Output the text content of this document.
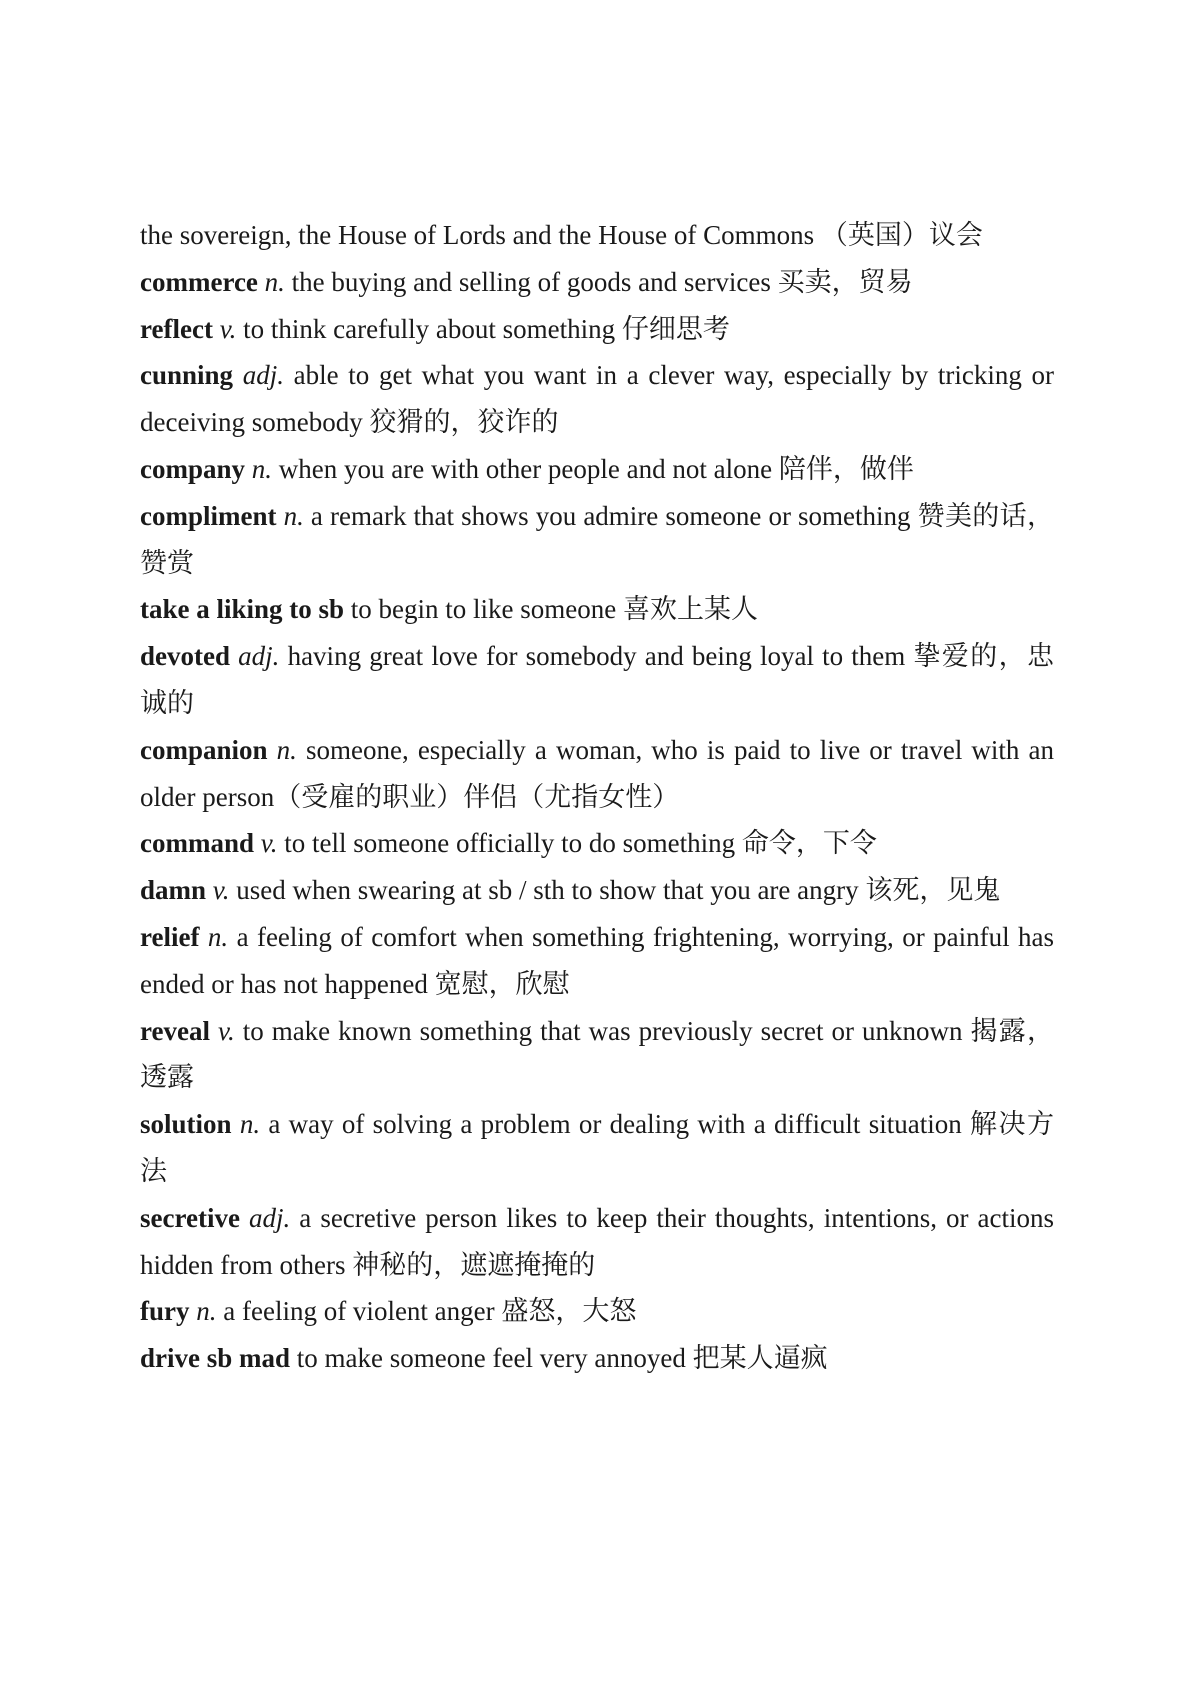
the sovereign, the House of Lords and the House of Commons （英国）议会

commerce n. the buying and selling of goods and services 买卖，贸易

reflect v. to think carefully about something 仔细思考

cunning adj. able to get what you want in a clever way, especially by tricking or deceiving somebody 狡猾的，狡诈的

company n. when you are with other people and not alone 陪伴，做伴

compliment n. a remark that shows you admire someone or something 赞美的话，赞赏

take a liking to sb to begin to like someone 喜欢上某人

devoted adj. having great love for somebody and being loyal to them 挚爱的，忠诚的

companion n. someone, especially a woman, who is paid to live or travel with an older person（受雇的职业）伴侣（尤指女性）

command v. to tell someone officially to do something 命令，下令

damn v. used when swearing at sb / sth to show that you are angry 该死，见鬼

relief n. a feeling of comfort when something frightening, worrying, or painful has ended or has not happened 宽慰，欣慰

reveal v. to make known something that was previously secret or unknown 揭露，透露

solution n. a way of solving a problem or dealing with a difficult situation 解决方法

secretive adj. a secretive person likes to keep their thoughts, intentions, or actions hidden from others 神秘的，遮遮掩掩的

fury n. a feeling of violent anger 盛怒，大怒

drive sb mad to make someone feel very annoyed 把某人逼疯
